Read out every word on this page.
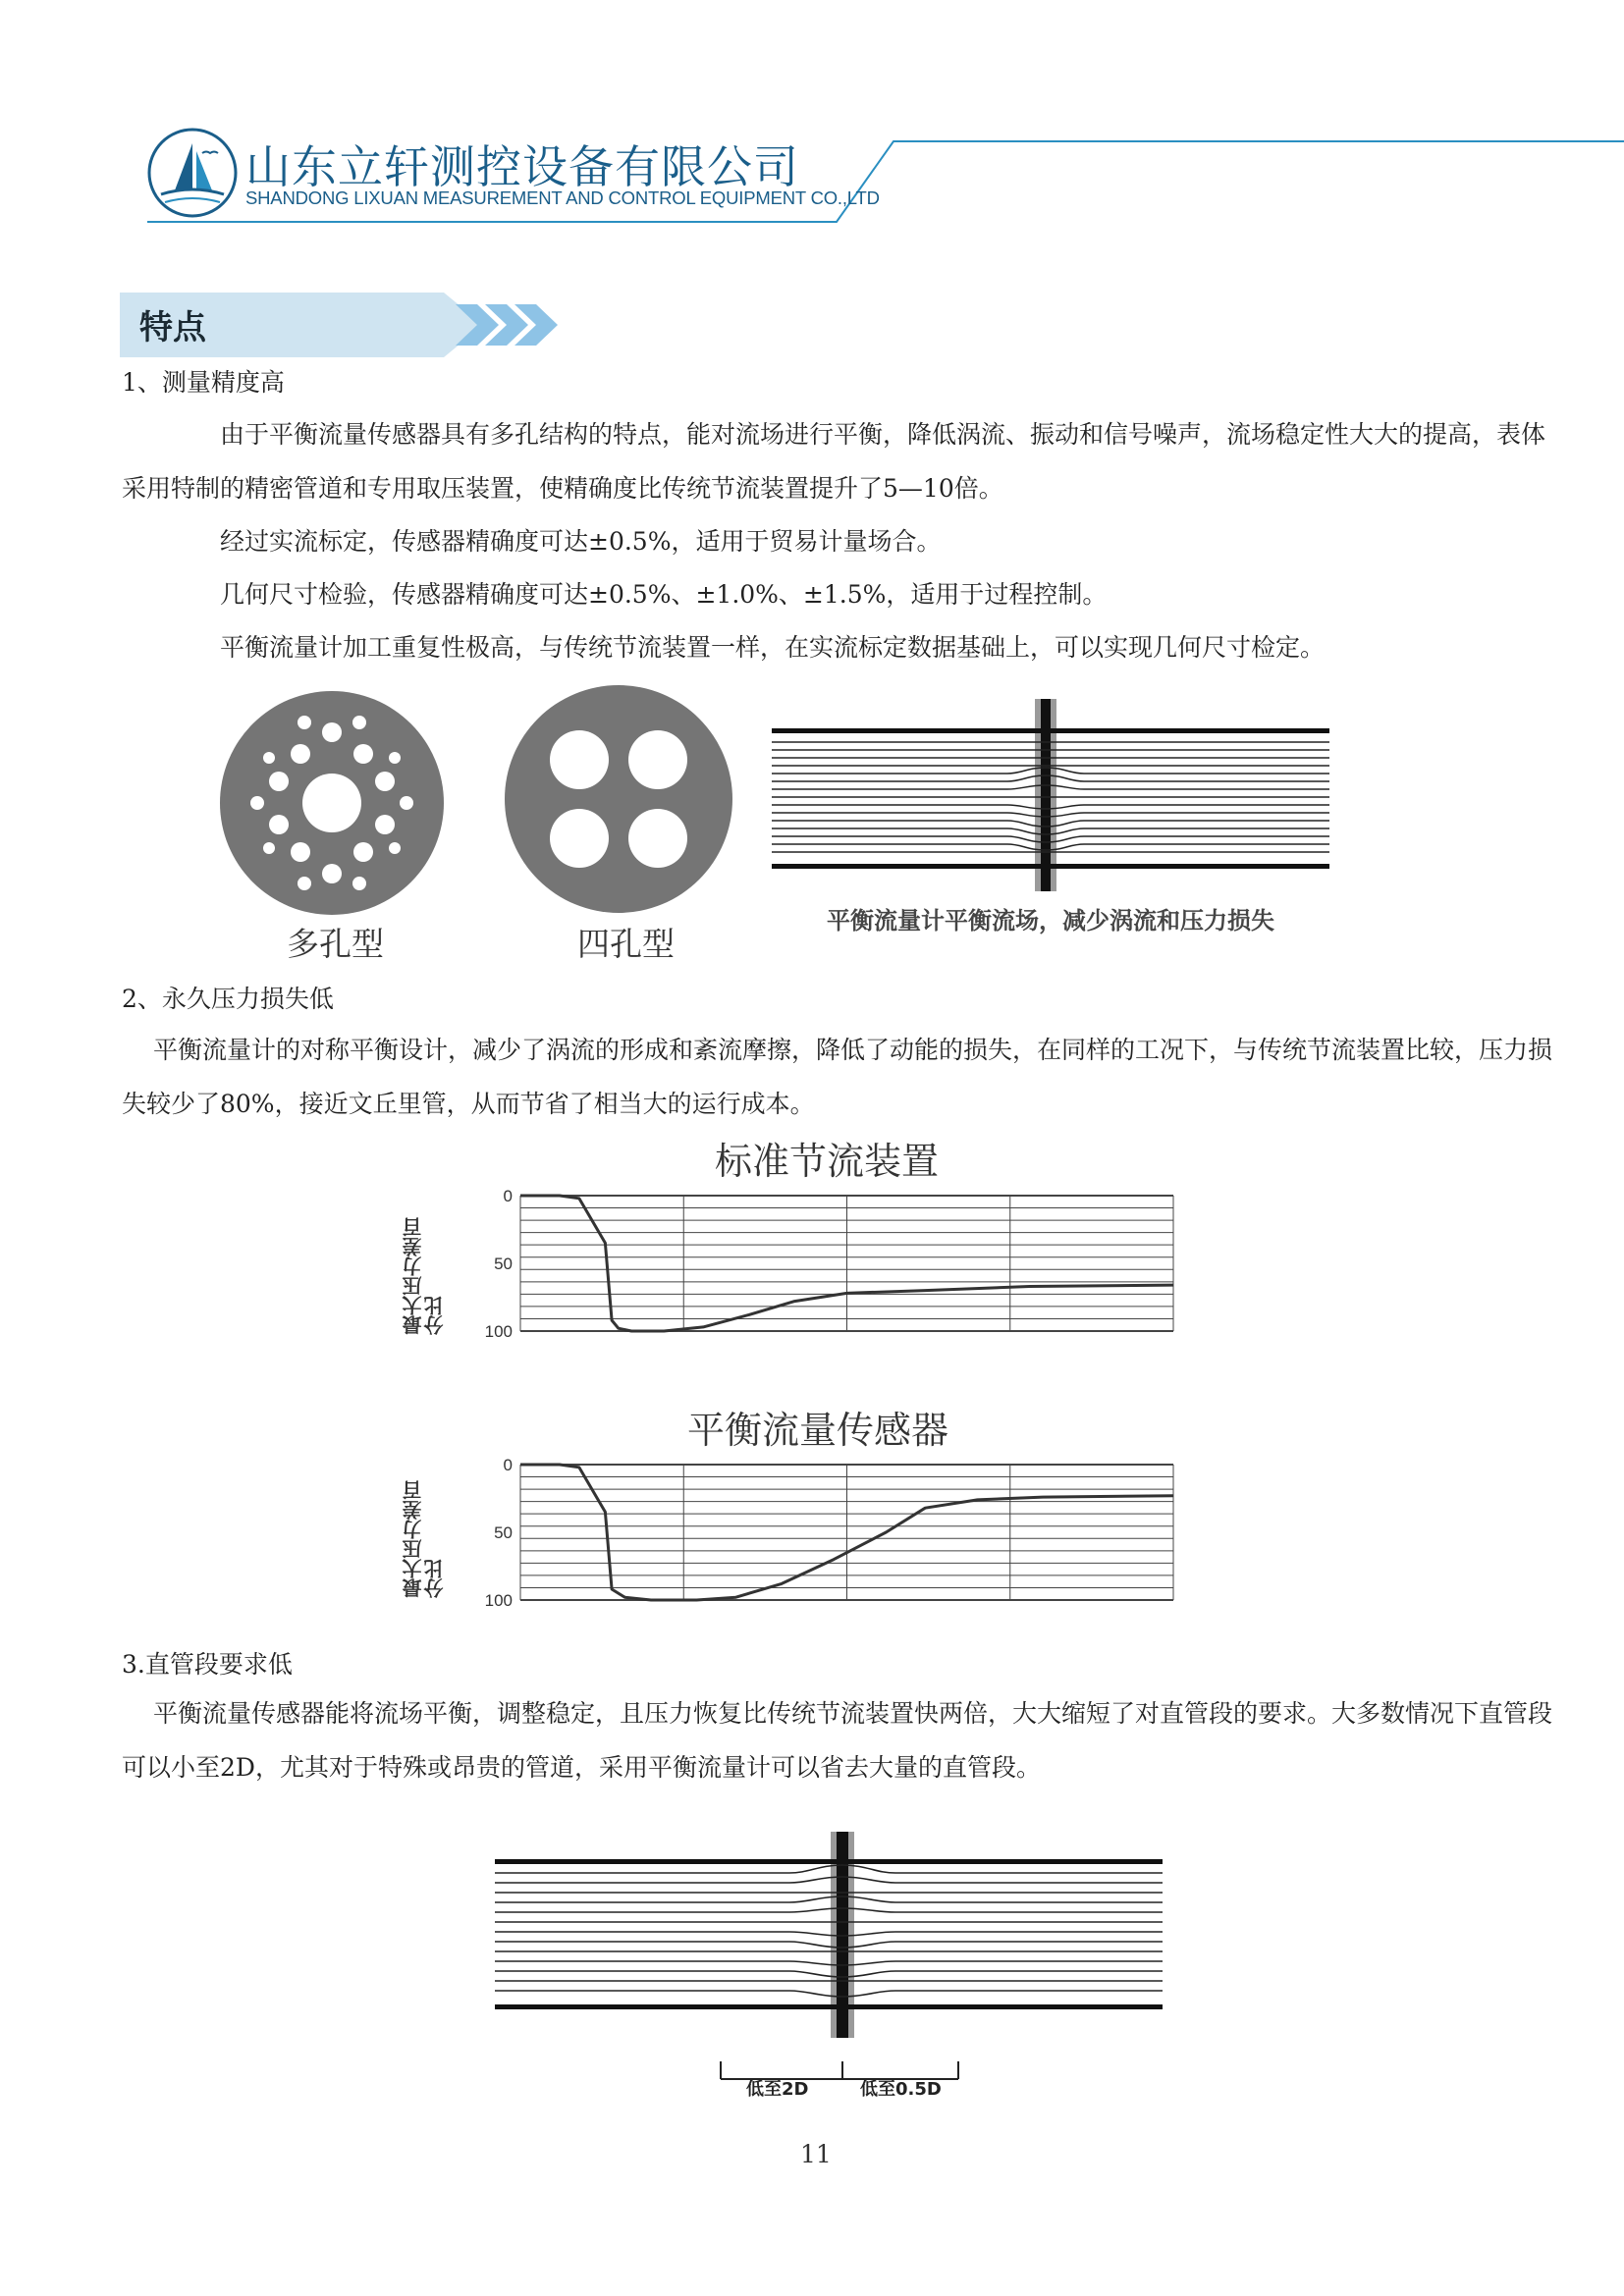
山东立轩测控设备有限公司
SHANDONG LIXUAN MEASUREMENT AND CONTROL EQUIPMENT CO.,LTD
特点
1、测量精度高
由于平衡流量传感器具有多孔结构的特点，能对流场进行平衡，降低涡流、振动和信号噪声，流场稳定性大大的提高，表体采用特制的精密管道和专用取压装置，使精确度比传统节流装置提升了5—10倍。
经过实流标定，传感器精确度可达±0.5%，适用于贸易计量场合。
几何尺寸检验，传感器精确度可达±0.5%、±1.0%、±1.5%，适用于过程控制。
平衡流量计加工重复性极高，与传统节流装置一样，在实流标定数据基础上，可以实现几何尺寸检定。
多孔型	四孔型
平衡流量计平衡流场，减少涡流和压力损失
2、永久压力损失低
平衡流量计的对称平衡设计，减少了涡流的形成和紊流摩擦，降低了动能的损失，在同样的工况下，与传统节流装置比较，压力损失较少了80%，接近文丘里管，从而节省了相当大的运行成本。
标准节流装置
最大压力差百分比
0
50
100
平衡流量传感器
最大压力差百分比
0
50
100
3.直管段要求低
平衡流量传感器能将流场平衡，调整稳定，且压力恢复比传统节流装置快两倍，大大缩短了对直管段的要求。大多数情况下直管段可以小至2D，尤其对于特殊或昂贵的管道，采用平衡流量计可以省去大量的直管段。
低至2D	低至0.5D
11
